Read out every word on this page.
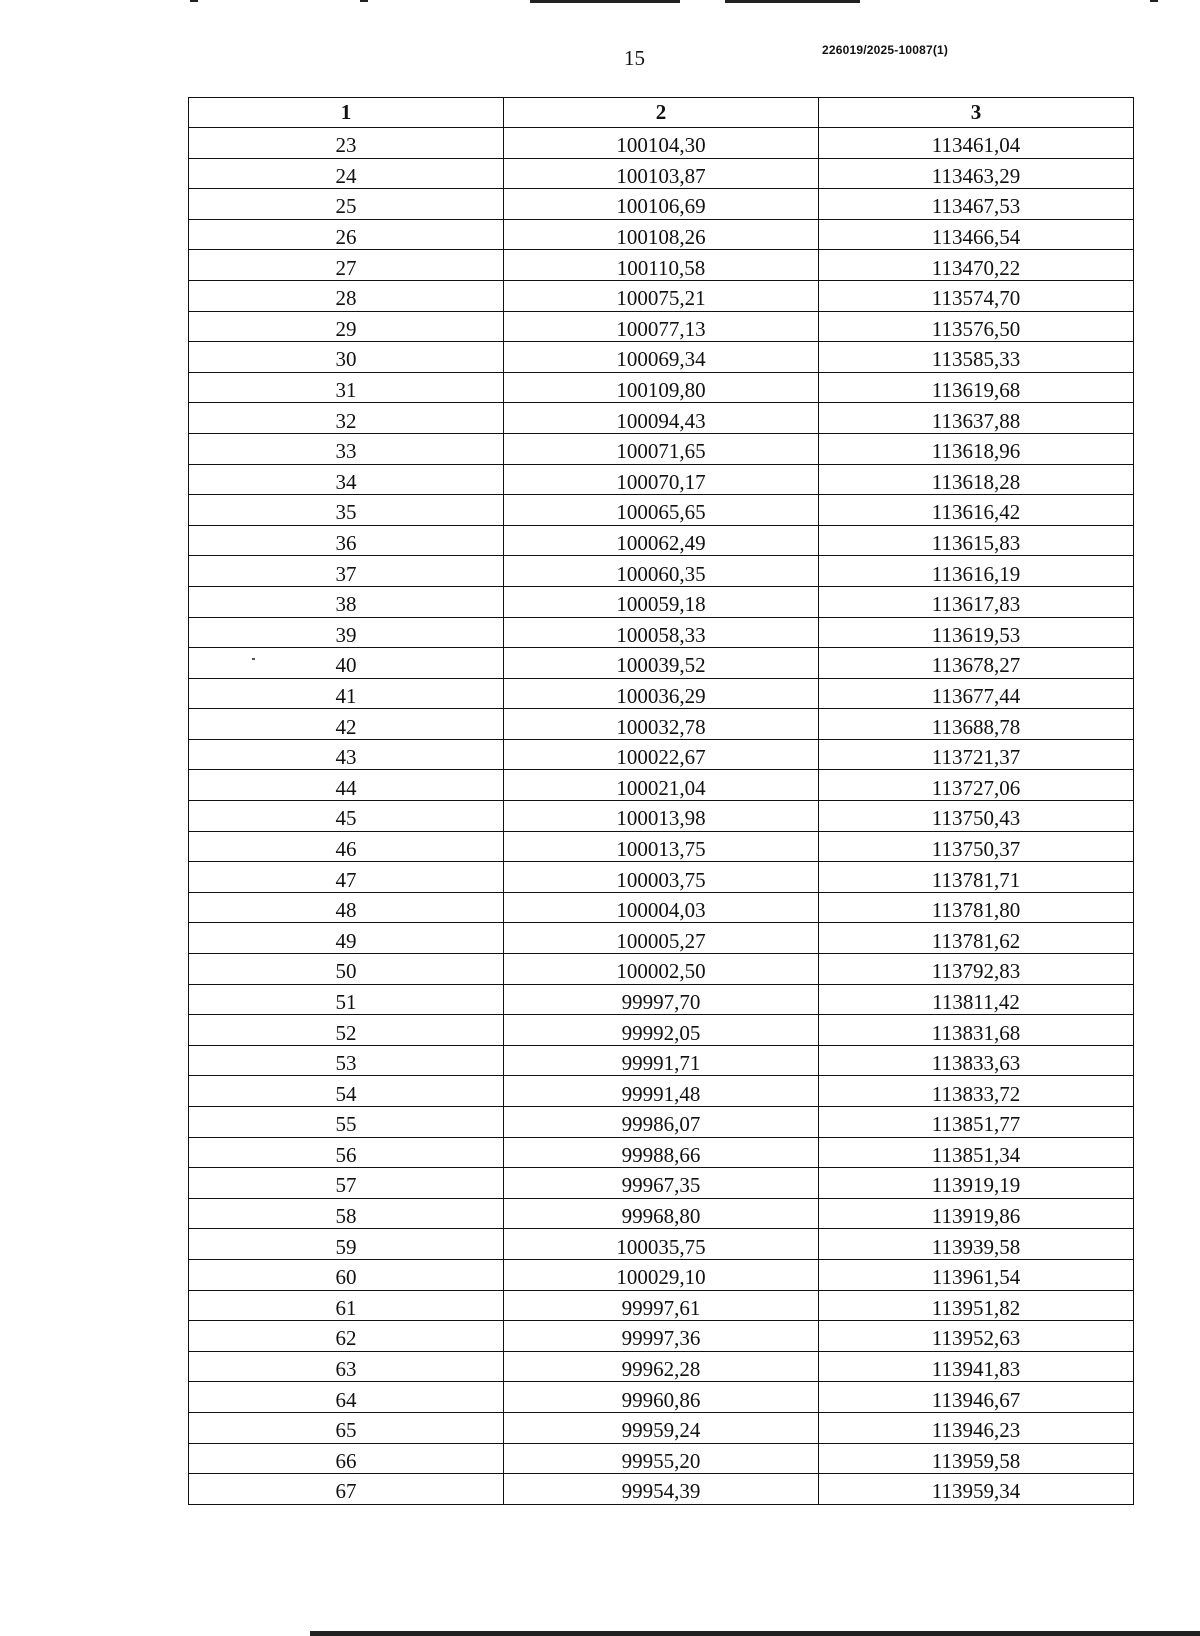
15	226019/2025-10087(1)
1	2	3
23	100104,30	113461,04
24	100103,87	113463,29
25	100106,69	113467,53
26	100108,26	113466,54
27	100110,58	113470,22
28	100075,21	113574,70
29	100077,13	113576,50
30	100069,34	113585,33
31	100109,80	113619,68
32	100094,43	113637,88
33	100071,65	113618,96
34	100070,17	113618,28
35	100065,65	113616,42
36	100062,49	113615,83
37	100060,35	113616,19
38	100059,18	113617,83
39	100058,33	113619,53
40	100039,52	113678,27
41	100036,29	113677,44
42	100032,78	113688,78
43	100022,67	113721,37
44	100021,04	113727,06
45	100013,98	113750,43
46	100013,75	113750,37
47	100003,75	113781,71
48	100004,03	113781,80
49	100005,27	113781,62
50	100002,50	113792,83
51	99997,70	113811,42
52	99992,05	113831,68
53	99991,71	113833,63
54	99991,48	113833,72
55	99986,07	113851,77
56	99988,66	113851,34
57	99967,35	113919,19
58	99968,80	113919,86
59	100035,75	113939,58
60	100029,10	113961,54
61	99997,61	113951,82
62	99997,36	113952,63
63	99962,28	113941,83
64	99960,86	113946,67
65	99959,24	113946,23
66	99955,20	113959,58
67	99954,39	113959,34
